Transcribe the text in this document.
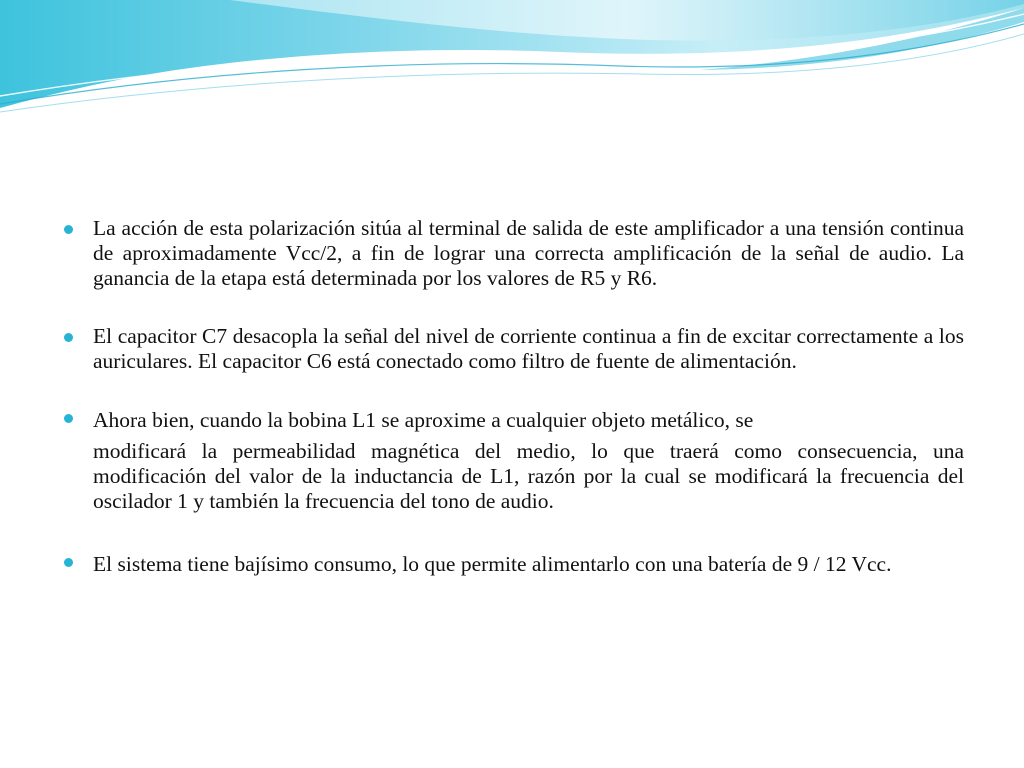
La acción de esta polarización sitúa al terminal de salida de este amplificador a una tensión continua de aproximadamente Vcc/2, a fin de lograr una correcta amplificación de la señal de audio. La ganancia de la etapa está determinada por los valores de R5 y R6.

El capacitor C7 desacopla la señal del nivel de corriente continua a fin de excitar correctamente a los auriculares. El capacitor C6 está conectado como filtro de fuente de alimentación.

Ahora bien, cuando la bobina L1 se aproxime a cualquier objeto metálico, se

modificará la permeabilidad magnética del medio, lo que traerá como consecuencia, una modificación del valor de la inductancia de L1, razón por la cual se modificará la frecuencia del oscilador 1 y también la frecuencia del tono de audio.

El sistema tiene bajísimo consumo, lo que permite alimentarlo con una batería de 9 / 12 Vcc.
